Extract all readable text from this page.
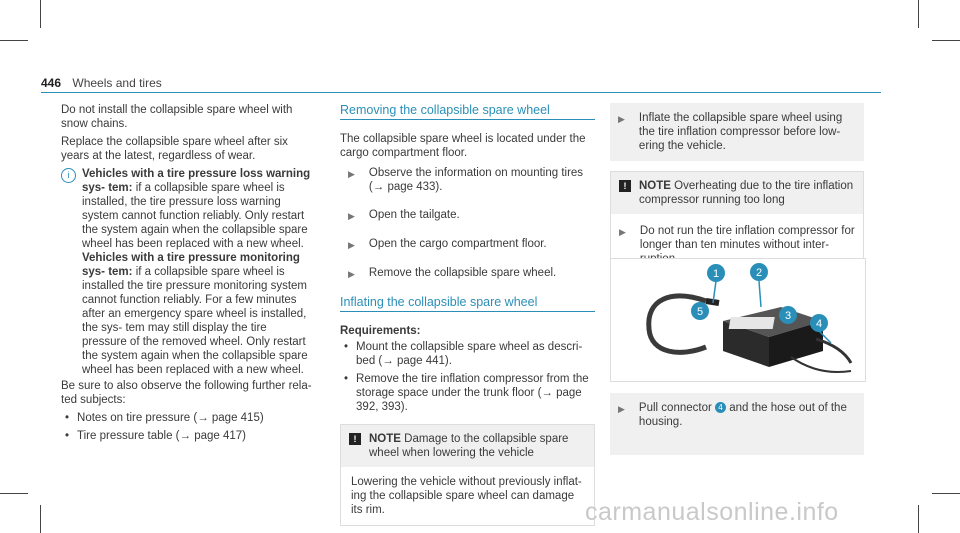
446 Wheels and tires

Do not install the collapsible spare wheel with snow chains.

Replace the collapsible spare wheel after six years at the latest, regardless of wear.

i	Vehicles with a tire pressure loss warning sys- tem: if a collapsible spare wheel is installed, the tire pressure loss warning system cannot function reliably. Only restart the system again when the collapsible spare wheel has been replaced with a new wheel.

Vehicles with a tire pressure monitoring sys- tem: if a collapsible spare wheel is installed the tire pressure monitoring system cannot function reliably. For a few minutes after an emergency spare wheel is installed, the sys- tem may still display the tire pressure of the removed wheel. Only restart the system again when the collapsible spare wheel has been replaced with a new wheel.

Be sure to also observe the following further rela- ted subjects:

• Notes on tire pressure (→ page 415)
• Tire pressure table (→ page 417)
Removing the collapsible spare wheel

The collapsible spare wheel is located under the cargo compartment floor.

▶ Observe the information on mounting tires (→ page 433).
▶ Open the tailgate.
▶ Open the cargo compartment floor.
▶ Remove the collapsible spare wheel.
Inflating the collapsible spare wheel

Requirements:

• Mount the collapsible spare wheel as descri- bed (→ page 441).
• Remove the tire inflation compressor from the storage space under the trunk floor (→ page 392, 393).
!	NOTE Damage to the collapsible spare wheel when lowering the vehicle
Lowering the vehicle without previously inflat- ing the collapsible spare wheel can damage its rim.
▶ Inflate the collapsible spare wheel using the tire inflation compressor before low- ering the vehicle.
!	NOTE Overheating due to the tire inflation compressor running too long
▶ Do not run the tire inflation compressor for longer than ten minutes without inter-
1	2
3
4
5
▶ Pull connector 4 and the hose out of the housing.
carmanualsonline.info
